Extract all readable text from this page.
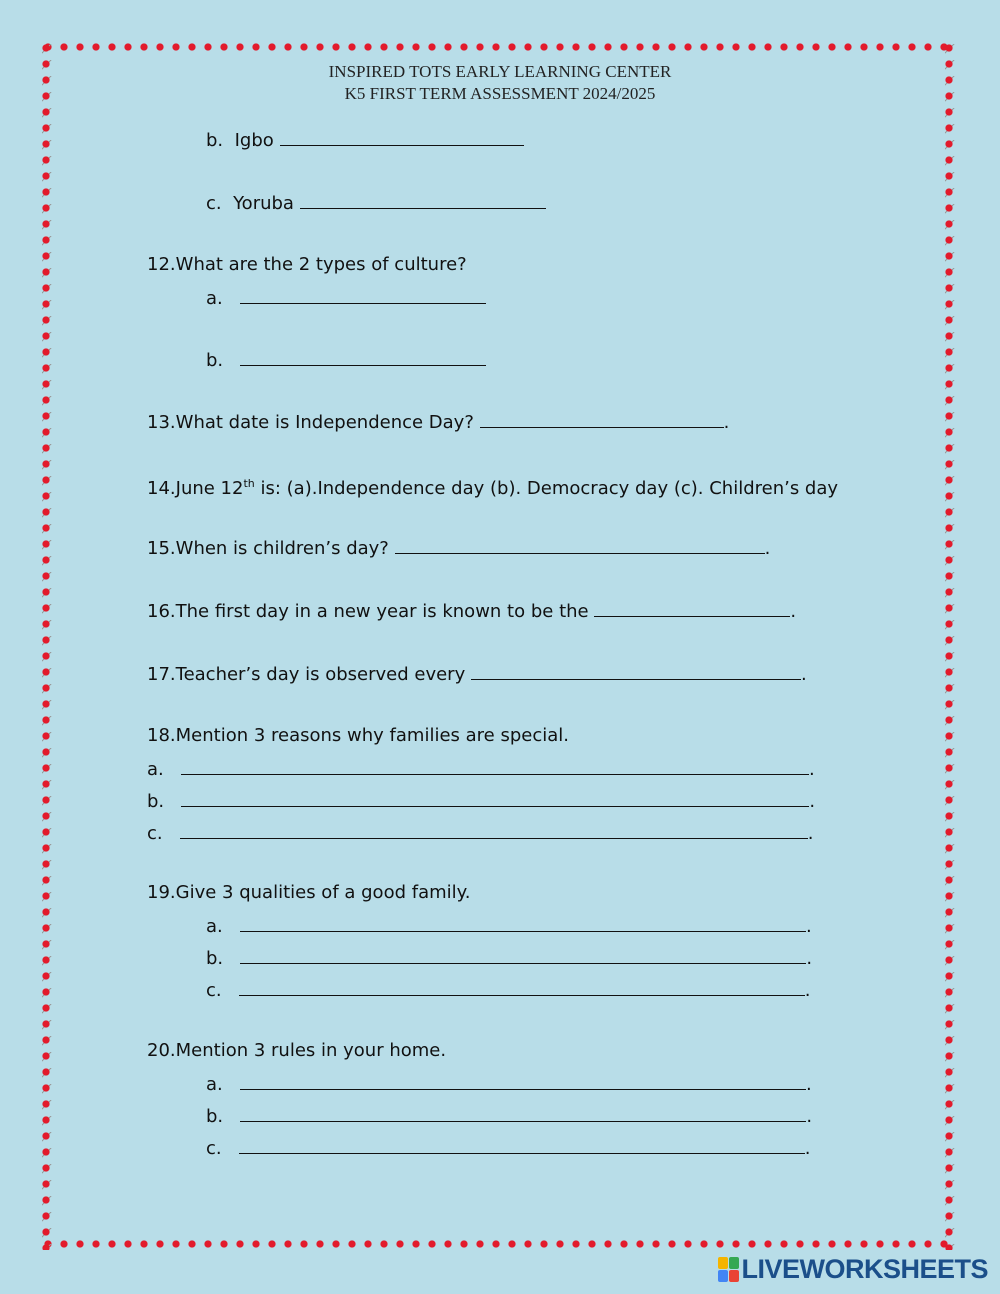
INSPIRED TOTS EARLY LEARNING CENTER
K5 FIRST TERM ASSESSMENT 2024/2025
b. Igbo
c. Yoruba
12.What are the 2 types of culture?
a.
b.
13.What date is Independence Day?	.
14.June 12th is: (a).Independence day (b). Democracy day (c). Children’s day
15.When is children’s day?	.
16.The first day in a new year is known to be the	.
17.Teacher’s day is observed every	.
18.Mention 3 reasons why families are special.
a.	.
b.	.
c.	.
19.Give 3 qualities of a good family.
a.	.
b.	.
c.	.
20.Mention 3 rules in your home.
a.	.
b.	.
c.	.
LIVEWORKSHEETS
